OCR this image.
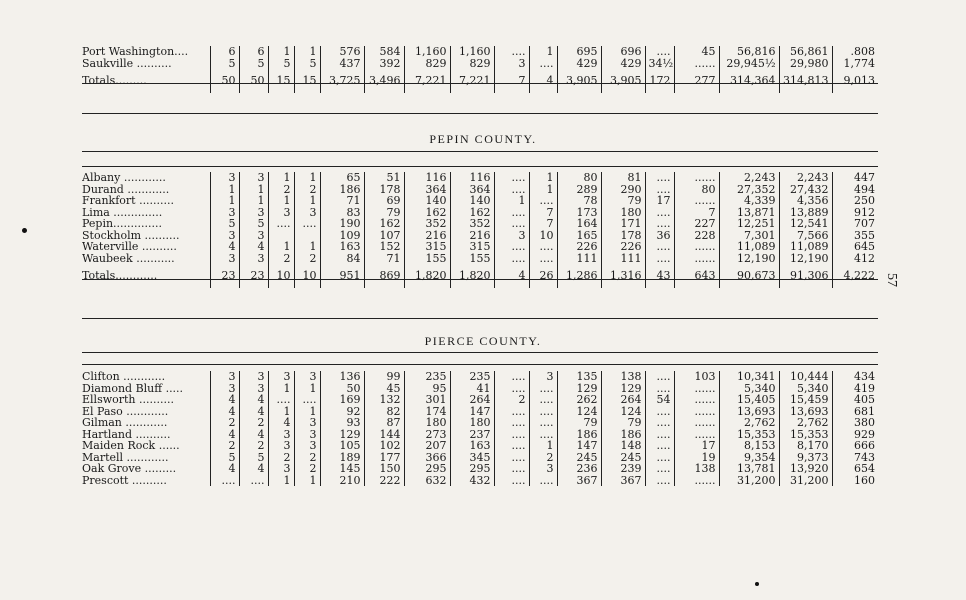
Port Washington....	6	6	1	1	576	584	1,160	1,160	....	1	695	696	....	45	56,816	56,861	.808
Saukville ..........	5	5	5	5	437	392	829	829	3	....	429	429	34½	......	29,945½	29,980	1,774
Totals.........	50	50	15	15	3,725	3,496	7,221	7,221	7	4	3,905	3,905	172	277	314,364	314,813	9,013
PEPIN COUNTY.
Albany ............	3	3	1	1	65	51	116	116	....	1	80	81	....	......	2,243	2,243	447
Durand ............	1	1	2	2	186	178	364	364	....	1	289	290	....	80	27,352	27,432	494
Frankfort ..........	1	1	1	1	71	69	140	140	1	....	78	79	17	......	4,339	4,356	250
Lima ..............	3	3	3	3	83	79	162	162	....	7	173	180	....	7	13,871	13,889	912
Pepin..............	5	5	....	....	190	162	352	352	....	7	164	171	....	227	12,251	12,541	707
Stockholm ..........	3	3			109	107	216	216	3	10	165	178	36	228	7,301	7,566	355
Waterville ..........	4	4	1	1	163	152	315	315	....	....	226	226	....	......	11,089	11,089	645
Waubeek ...........	3	3	2	2	84	71	155	155	....	....	111	111	....	......	12,190	12,190	412
Totals............	23	23	10	10	951	869	1,820	1,820	4	26	1,286	1,316	43	643	90,673	91,306	4,222
PIERCE COUNTY.
Clifton ............	3	3	3	3	136	99	235	235	....	3	135	138	....	103	10,341	10,444	434
Diamond Bluff .....	3	3	1	1	50	45	95	41	....	....	129	129	....	......	5,340	5,340	419
Ellsworth ..........	4	4	....	....	169	132	301	264	2	....	262	264	54	......	15,405	15,459	405
El Paso ............	4	4	1	1	92	82	174	147	....	....	124	124	....	......	13,693	13,693	681
Gilman ............	2	2	4	3	93	87	180	180	....	....	79	79	....	......	2,762	2,762	380
Hartland ..........	4	4	3	3	129	144	273	237	....	....	186	186	....	......	15,353	15,353	929
Maiden Rock ......	2	2	3	3	105	102	207	163	....	1	147	148	....	17	8,153	8,170	666
Martell ............	5	5	2	2	189	177	366	345	....	2	245	245	....	19	9,354	9,373	743
Oak Grove .........	4	4	3	2	145	150	295	295	....	3	236	239	....	138	13,781	13,920	654
Prescott ..........	....	....	1	1	210	222	632	432	....	....	367	367	....	......	31,200	31,200	160
57
